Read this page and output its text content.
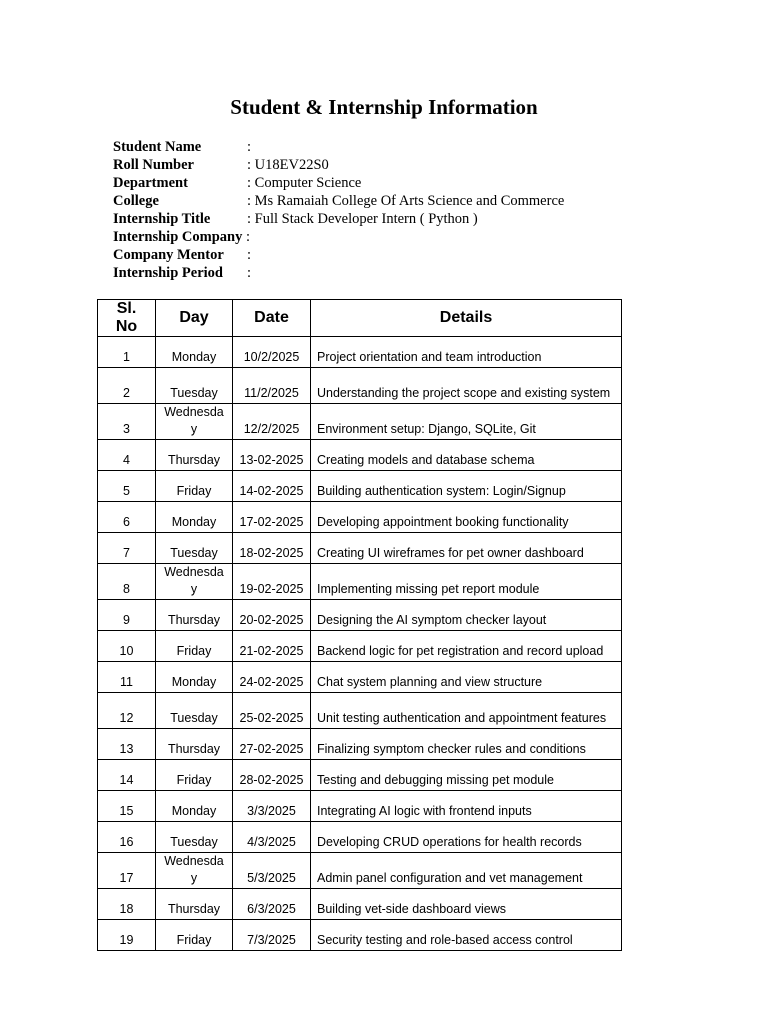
Student & Internship Information
Student Name	:
Roll Number	: U18EV22S0
Department	: Computer Science
College	: Ms Ramaiah College Of Arts Science and Commerce
Internship Title	: Full Stack Developer Intern ( Python )
Internship Company :
Company Mentor :
Internship Period :
Sl. No	Day	Date	Details
1	Monday	10/2/2025	Project orientation and team introduction
2	Tuesday	11/2/2025	Understanding the project scope and existing system
3	Wednesday	12/2/2025	Environment setup: Django, SQLite, Git
4	Thursday	13-02-2025	Creating models and database schema
5	Friday	14-02-2025	Building authentication system: Login/Signup
6	Monday	17-02-2025	Developing appointment booking functionality
7	Tuesday	18-02-2025	Creating UI wireframes for pet owner dashboard
8	Wednesday	19-02-2025	Implementing missing pet report module
9	Thursday	20-02-2025	Designing the AI symptom checker layout
10	Friday	21-02-2025	Backend logic for pet registration and record upload
11	Monday	24-02-2025	Chat system planning and view structure
12	Tuesday	25-02-2025	Unit testing authentication and appointment features
13	Thursday	27-02-2025	Finalizing symptom checker rules and conditions
14	Friday	28-02-2025	Testing and debugging missing pet module
15	Monday	3/3/2025	Integrating AI logic with frontend inputs
16	Tuesday	4/3/2025	Developing CRUD operations for health records
17	Wednesday	5/3/2025	Admin panel configuration and vet management
18	Thursday	6/3/2025	Building vet-side dashboard views
19	Friday	7/3/2025	Security testing and role-based access control
